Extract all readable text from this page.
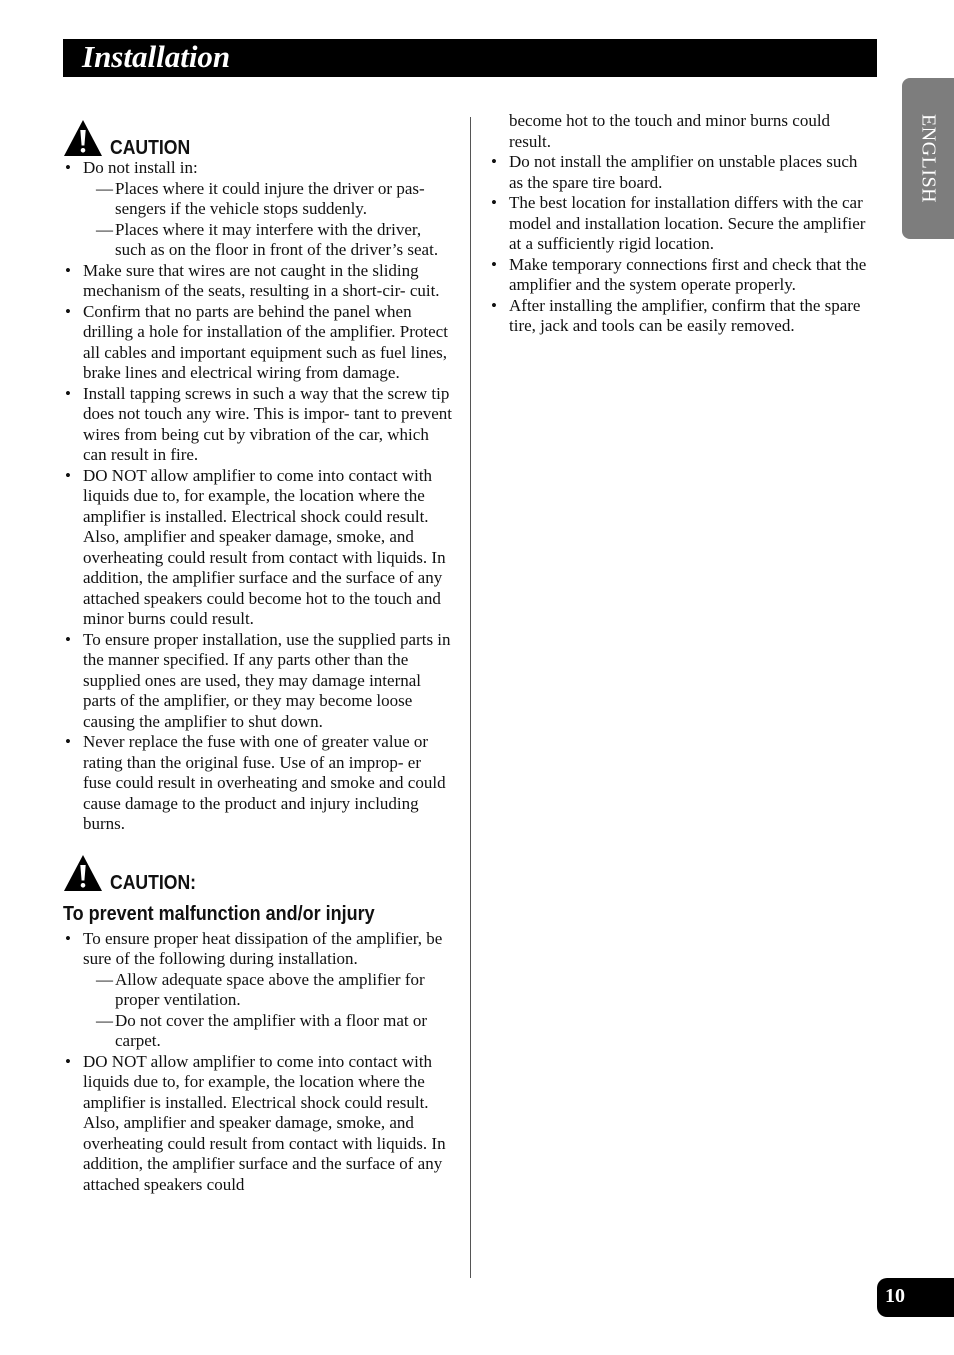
Installation
ENGLISH
CAUTION
• Do not install in:
— Places where it could injure the driver or pas- sengers if the vehicle stops suddenly.
— Places where it may interfere with the driver, such as on the floor in front of the driver’s seat.
• Make sure that wires are not caught in the sliding mechanism of the seats, resulting in a short-cir- cuit.
• Confirm that no parts are behind the panel when drilling a hole for installation of the amplifier. Protect all cables and important equipment such as fuel lines, brake lines and electrical wiring from damage.
• Install tapping screws in such a way that the screw tip does not touch any wire. This is impor- tant to prevent wires from being cut by vibration of the car, which can result in fire.
• DO NOT allow amplifier to come into contact with liquids due to, for example, the location where the amplifier is installed. Electrical shock could result. Also, amplifier and speaker damage, smoke, and overheating could result from contact with liquids. In addition, the amplifier surface and the surface of any attached speakers could become hot to the touch and minor burns could result.
• To ensure proper installation, use the supplied parts in the manner specified. If any parts other than the supplied ones are used, they may damage internal parts of the amplifier, or they may become loose causing the amplifier to shut down.
• Never replace the fuse with one of greater value or rating than the original fuse. Use of an improp- er fuse could result in overheating and smoke and could cause damage to the product and injury including burns.
CAUTION:
To prevent malfunction and/or injury
• To ensure proper heat dissipation of the amplifier, be sure of the following during installation.
— Allow adequate space above the amplifier for proper ventilation.
— Do not cover the amplifier with a floor mat or carpet.
• DO NOT allow amplifier to come into contact with liquids due to, for example, the location where the amplifier is installed. Electrical shock could result. Also, amplifier and speaker damage, smoke, and overheating could result from contact with liquids. In addition, the amplifier surface and the surface of any attached speakers could
become hot to the touch and minor burns could result.
• Do not install the amplifier on unstable places such as the spare tire board.
• The best location for installation differs with the car model and installation location. Secure the amplifier at a sufficiently rigid location.
• Make temporary connections first and check that the amplifier and the system operate properly.
• After installing the amplifier, confirm that the spare tire, jack and tools can be easily removed.
10
